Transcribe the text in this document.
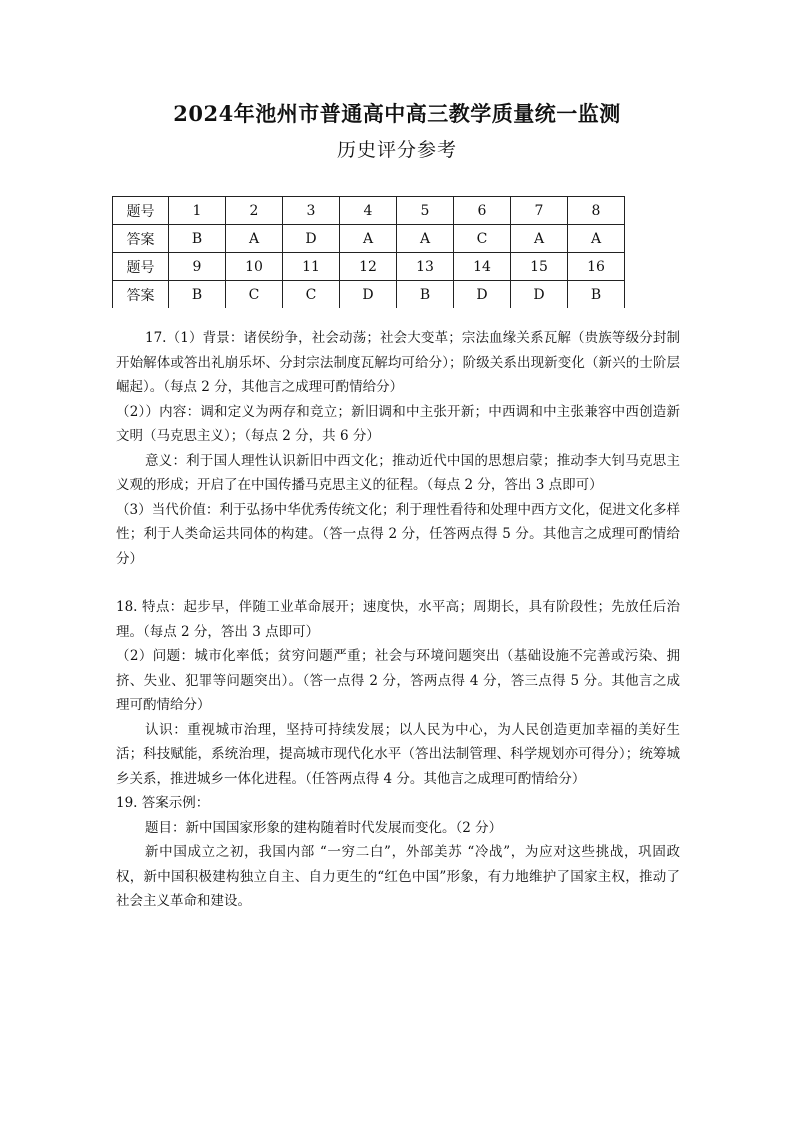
2024年池州市普通高中高三教学质量统一监测
历史评分参考
题号	1	2	3	4	5	6	7	8
答案	B	A	D	A	A	C	A	A
题号	9	10	11	12	13	14	15	16
答案	B	C	C	D	B	D	D	B

17.（1）背景：诸侯纷争，社会动荡；社会大变革；宗法血缘关系瓦解（贵族等级分封制开始解体或答出礼崩乐坏、分封宗法制度瓦解均可给分）；阶级关系出现新变化（新兴的士阶层崛起）。（每点 2 分，其他言之成理可酌情给分）

（2））内容：调和定义为两存和竞立；新旧调和中主张开新；中西调和中主张兼容中西创造新文明（马克思主义）；（每点 2 分，共 6 分）

意义：利于国人理性认识新旧中西文化；推动近代中国的思想启蒙；推动李大钊马克思主义观的形成；开启了在中国传播马克思主义的征程。（每点 2 分，答出 3 点即可）

（3）当代价值：利于弘扬中华优秀传统文化；利于理性看待和处理中西方文化，促进文化多样性；利于人类命运共同体的构建。（答一点得 2 分，任答两点得 5 分。其他言之成理可酌情给分）

18. 特点：起步早，伴随工业革命展开；速度快，水平高；周期长，具有阶段性；先放任后治理。（每点 2 分，答出 3 点即可）

（2）问题：城市化率低；贫穷问题严重；社会与环境问题突出（基础设施不完善或污染、拥挤、失业、犯罪等问题突出）。（答一点得 2 分，答两点得 4 分，答三点得 5 分。其他言之成理可酌情给分）

认识：重视城市治理，坚持可持续发展；以人民为中心，为人民创造更加幸福的美好生活；科技赋能，系统治理，提高城市现代化水平（答出法制管理、科学规划亦可得分）；统筹城乡关系，推进城乡一体化进程。（任答两点得 4 分。其他言之成理可酌情给分）

19. 答案示例：

题目：新中国国家形象的建构随着时代发展而变化。（2 分）

新中国成立之初，我国内部 “一穷二白”，外部美苏 “冷战”，为应对这些挑战，巩固政权，新中国积极建构独立自主、自力更生的“红色中国”形象，有力地维护了国家主权，推动了社会主义革命和建设。
